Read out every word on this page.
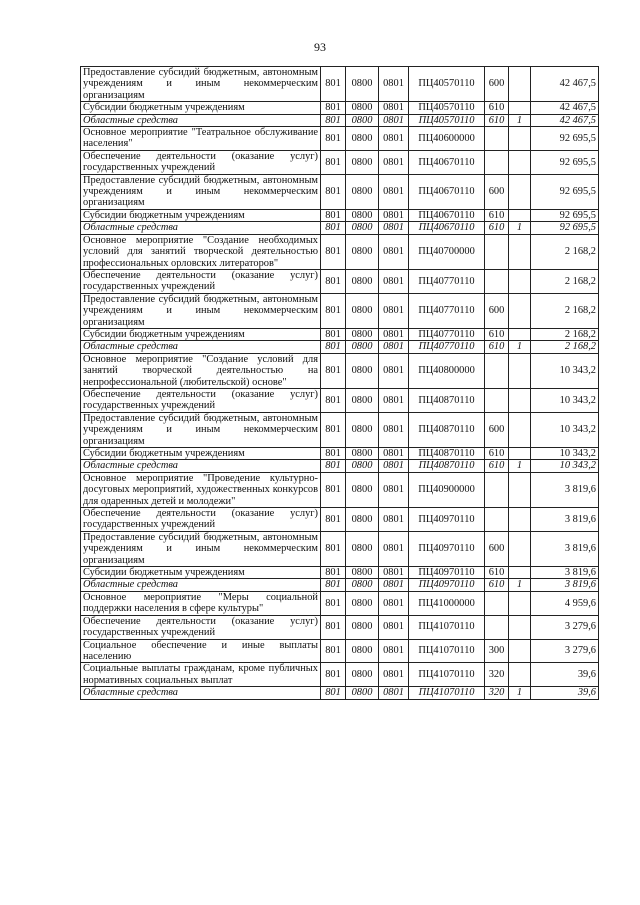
93
Предоставление субсидий бюджетным, автономным учреждениям и иным некоммерческим организациям	801	0800	0801	ПЦ40570110	600		42 467,5
Субсидии бюджетным учреждениям	801	0800	0801	ПЦ40570110	610		42 467,5
Областные средства	801	0800	0801	ПЦ40570110	610	1	42 467,5
Основное мероприятие "Театральное обслуживание населения"	801	0800	0801	ПЦ40600000			92 695,5
Обеспечение деятельности (оказание услуг) государственных учреждений	801	0800	0801	ПЦ40670110			92 695,5
Предоставление субсидий бюджетным, автономным учреждениям и иным некоммерческим организациям	801	0800	0801	ПЦ40670110	600		92 695,5
Субсидии бюджетным учреждениям	801	0800	0801	ПЦ40670110	610		92 695,5
Областные средства	801	0800	0801	ПЦ40670110	610	1	92 695,5
Основное мероприятие "Создание необходимых условий для занятий творческой деятельностью профессиональных орловских литераторов"	801	0800	0801	ПЦ40700000			2 168,2
Обеспечение деятельности (оказание услуг) государственных учреждений	801	0800	0801	ПЦ40770110			2 168,2
Предоставление субсидий бюджетным, автономным учреждениям и иным некоммерческим организациям	801	0800	0801	ПЦ40770110	600		2 168,2
Субсидии бюджетным учреждениям	801	0800	0801	ПЦ40770110	610		2 168,2
Областные средства	801	0800	0801	ПЦ40770110	610	1	2 168,2
Основное мероприятие "Создание условий для занятий творческой деятельностью на непрофессиональной (любительской) основе"	801	0800	0801	ПЦ40800000			10 343,2
Обеспечение деятельности (оказание услуг) государственных учреждений	801	0800	0801	ПЦ40870110			10 343,2
Предоставление субсидий бюджетным, автономным учреждениям и иным некоммерческим организациям	801	0800	0801	ПЦ40870110	600		10 343,2
Субсидии бюджетным учреждениям	801	0800	0801	ПЦ40870110	610		10 343,2
Областные средства	801	0800	0801	ПЦ40870110	610	1	10 343,2
Основное мероприятие "Проведение культурно-досуговых мероприятий, художественных конкурсов для одаренных детей и молодежи"	801	0800	0801	ПЦ40900000			3 819,6
Обеспечение деятельности (оказание услуг) государственных учреждений	801	0800	0801	ПЦ40970110			3 819,6
Предоставление субсидий бюджетным, автономным учреждениям и иным некоммерческим организациям	801	0800	0801	ПЦ40970110	600		3 819,6
Субсидии бюджетным учреждениям	801	0800	0801	ПЦ40970110	610		3 819,6
Областные средства	801	0800	0801	ПЦ40970110	610	1	3 819,6
Основное мероприятие "Меры социальной поддержки населения в сфере культуры"	801	0800	0801	ПЦ41000000			4 959,6
Обеспечение деятельности (оказание услуг) государственных учреждений	801	0800	0801	ПЦ41070110			3 279,6
Социальное обеспечение и иные выплаты населению	801	0800	0801	ПЦ41070110	300		3 279,6
Социальные выплаты гражданам, кроме публичных нормативных социальных выплат	801	0800	0801	ПЦ41070110	320		39,6
Областные средства	801	0800	0801	ПЦ41070110	320	1	39,6
